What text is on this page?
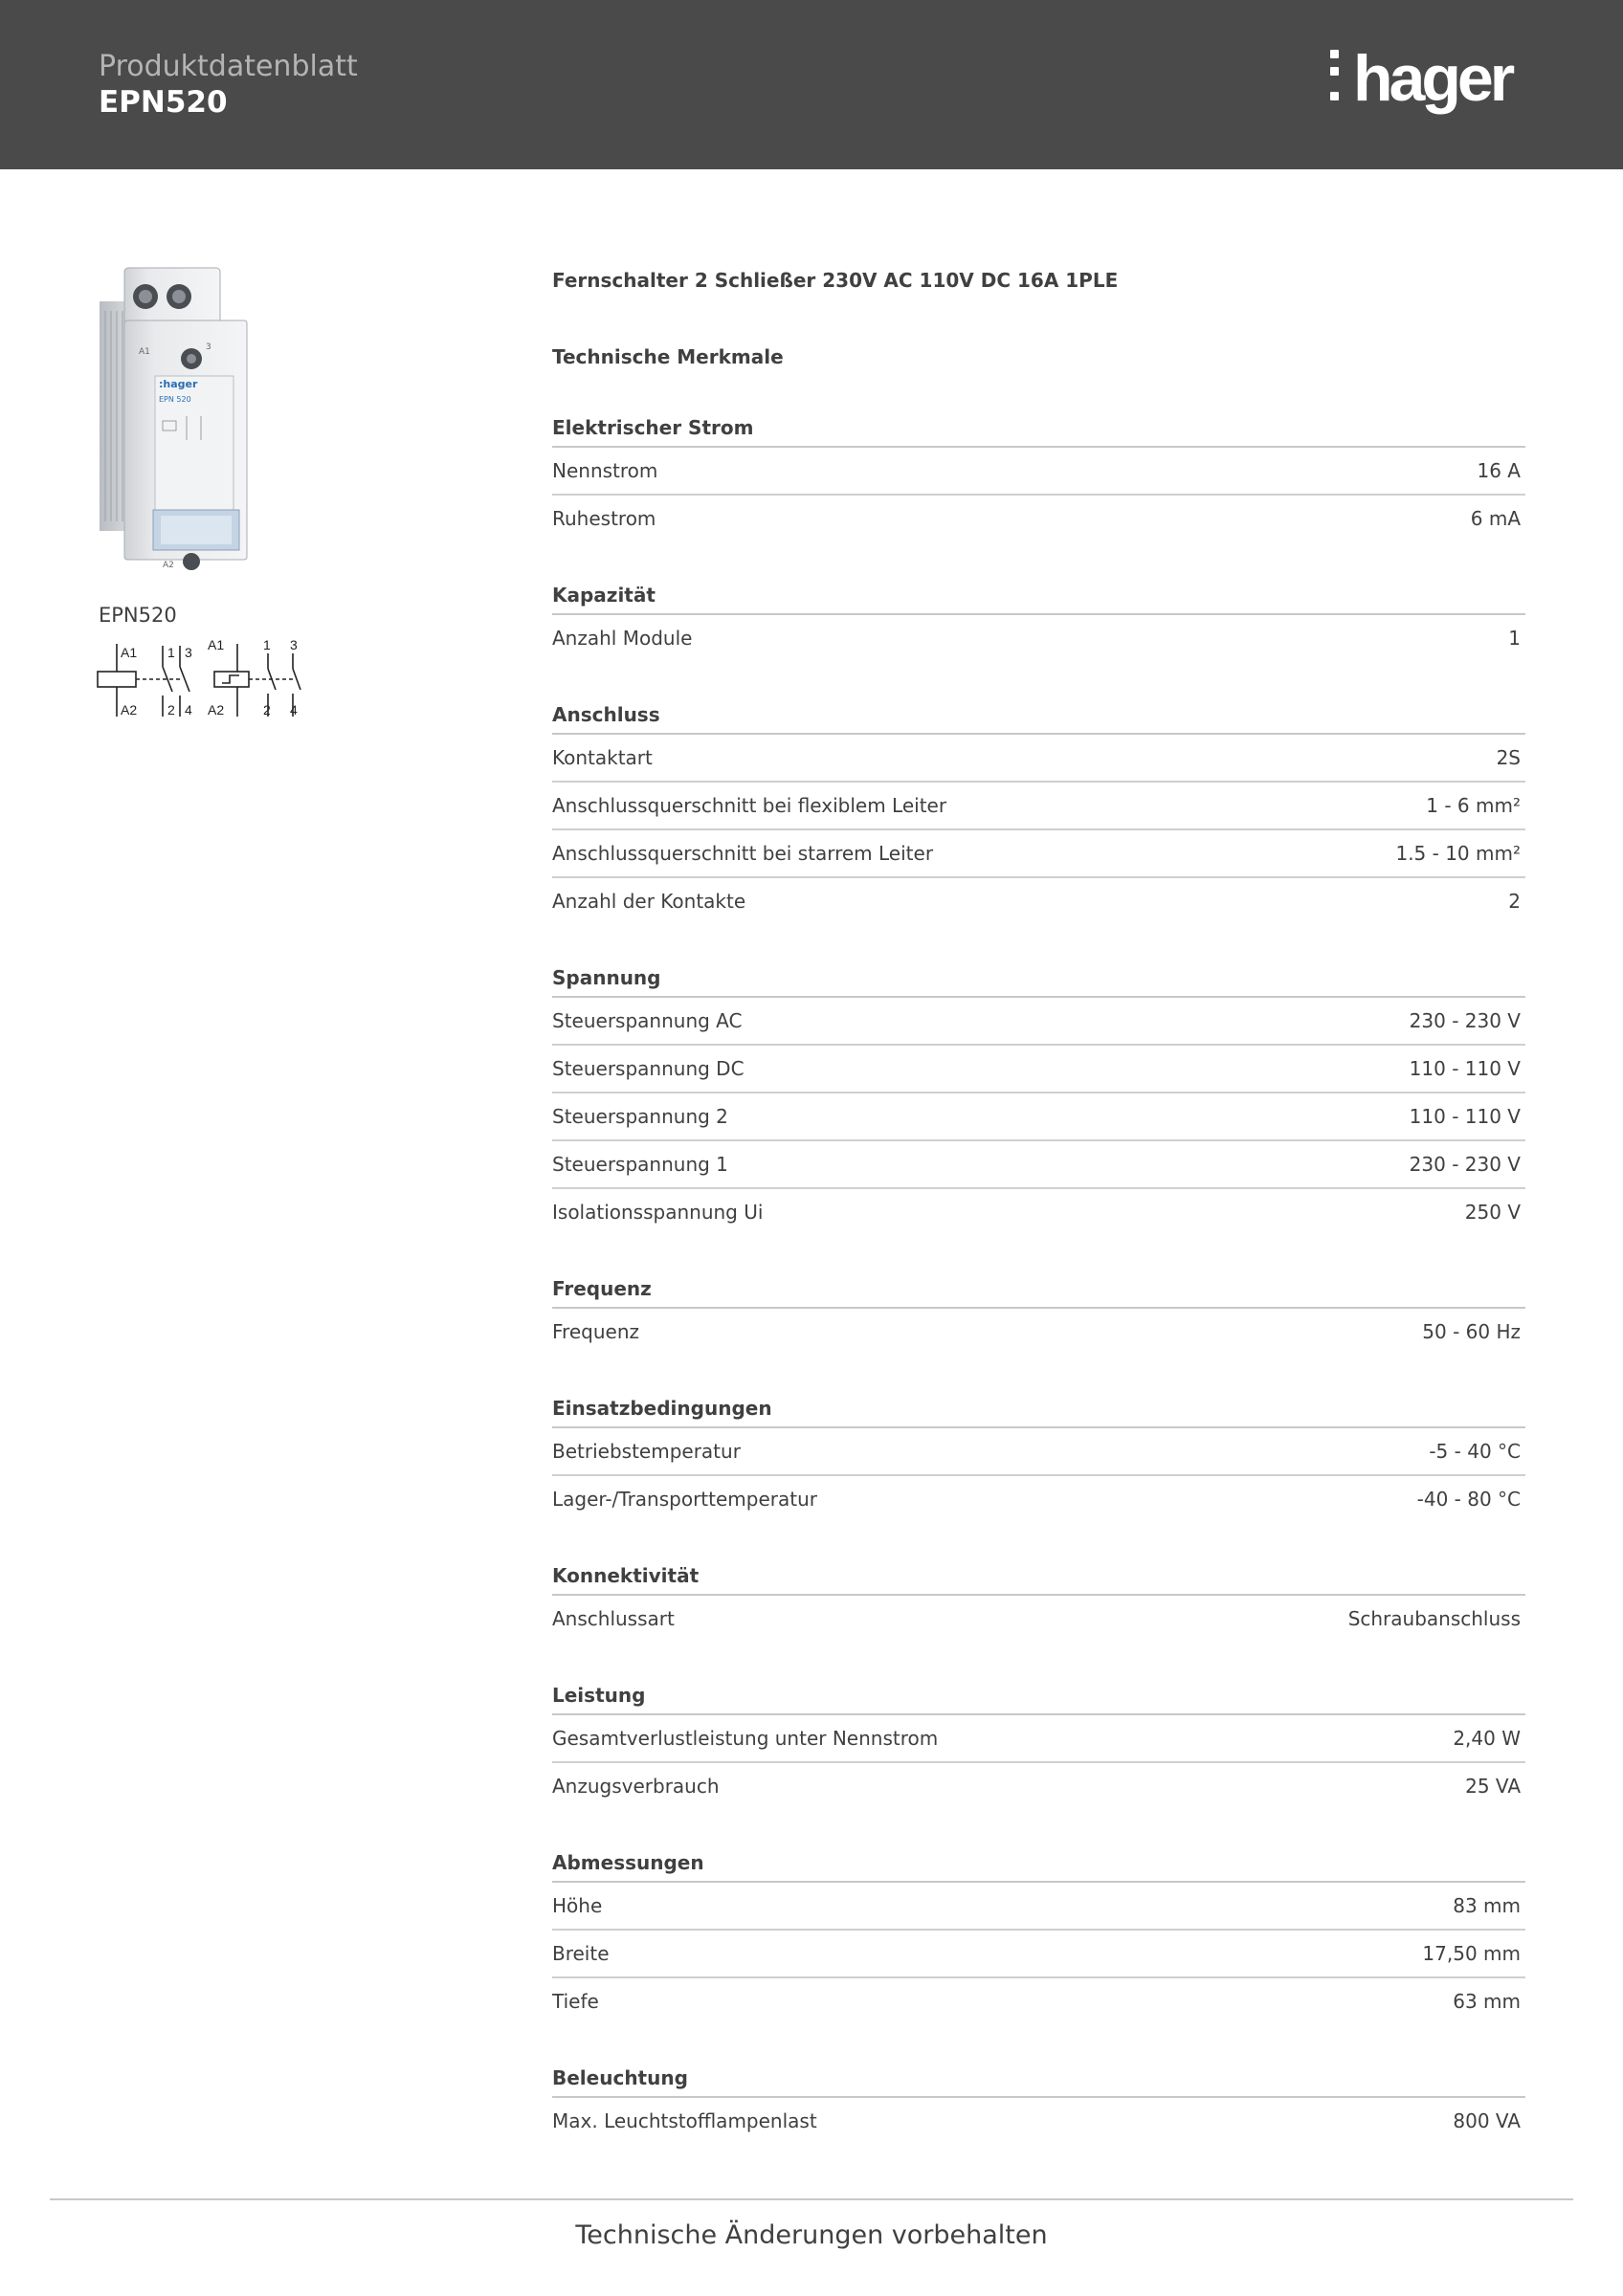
Produktdatenblatt
EPN520	hager
A1	3
:hager
EPN 520
A2
EPN520
A1
A2
1 3
2 4
A1
A2
1 3
2 4
Fernschalter 2 Schließer 230V AC 110V DC 16A 1PLE
Technische Merkmale
Elektrischer Strom
Nennstrom	16 A
Ruhestrom	6 mA
Kapazität
Anzahl Module	1
Anschluss
Kontaktart	2S
Anschlussquerschnitt bei flexiblem Leiter	1 - 6 mm²
Anschlussquerschnitt bei starrem Leiter	1.5 - 10 mm²
Anzahl der Kontakte	2
Spannung
Steuerspannung AC	230 - 230 V
Steuerspannung DC	110 - 110 V
Steuerspannung 2	110 - 110 V
Steuerspannung 1	230 - 230 V
Isolationsspannung Ui	250 V
Frequenz
Frequenz	50 - 60 Hz
Einsatzbedingungen
Betriebstemperatur	-5 - 40 °C
Lager-/Transporttemperatur	-40 - 80 °C
Konnektivität
Anschlussart	Schraubanschluss
Leistung
Gesamtverlustleistung unter Nennstrom	2,40 W
Anzugsverbrauch	25 VA
Abmessungen
Höhe	83 mm
Breite	17,50 mm
Tiefe	63 mm
Beleuchtung
Max. Leuchtstofflampenlast	800 VA
Technische Änderungen vorbehalten
